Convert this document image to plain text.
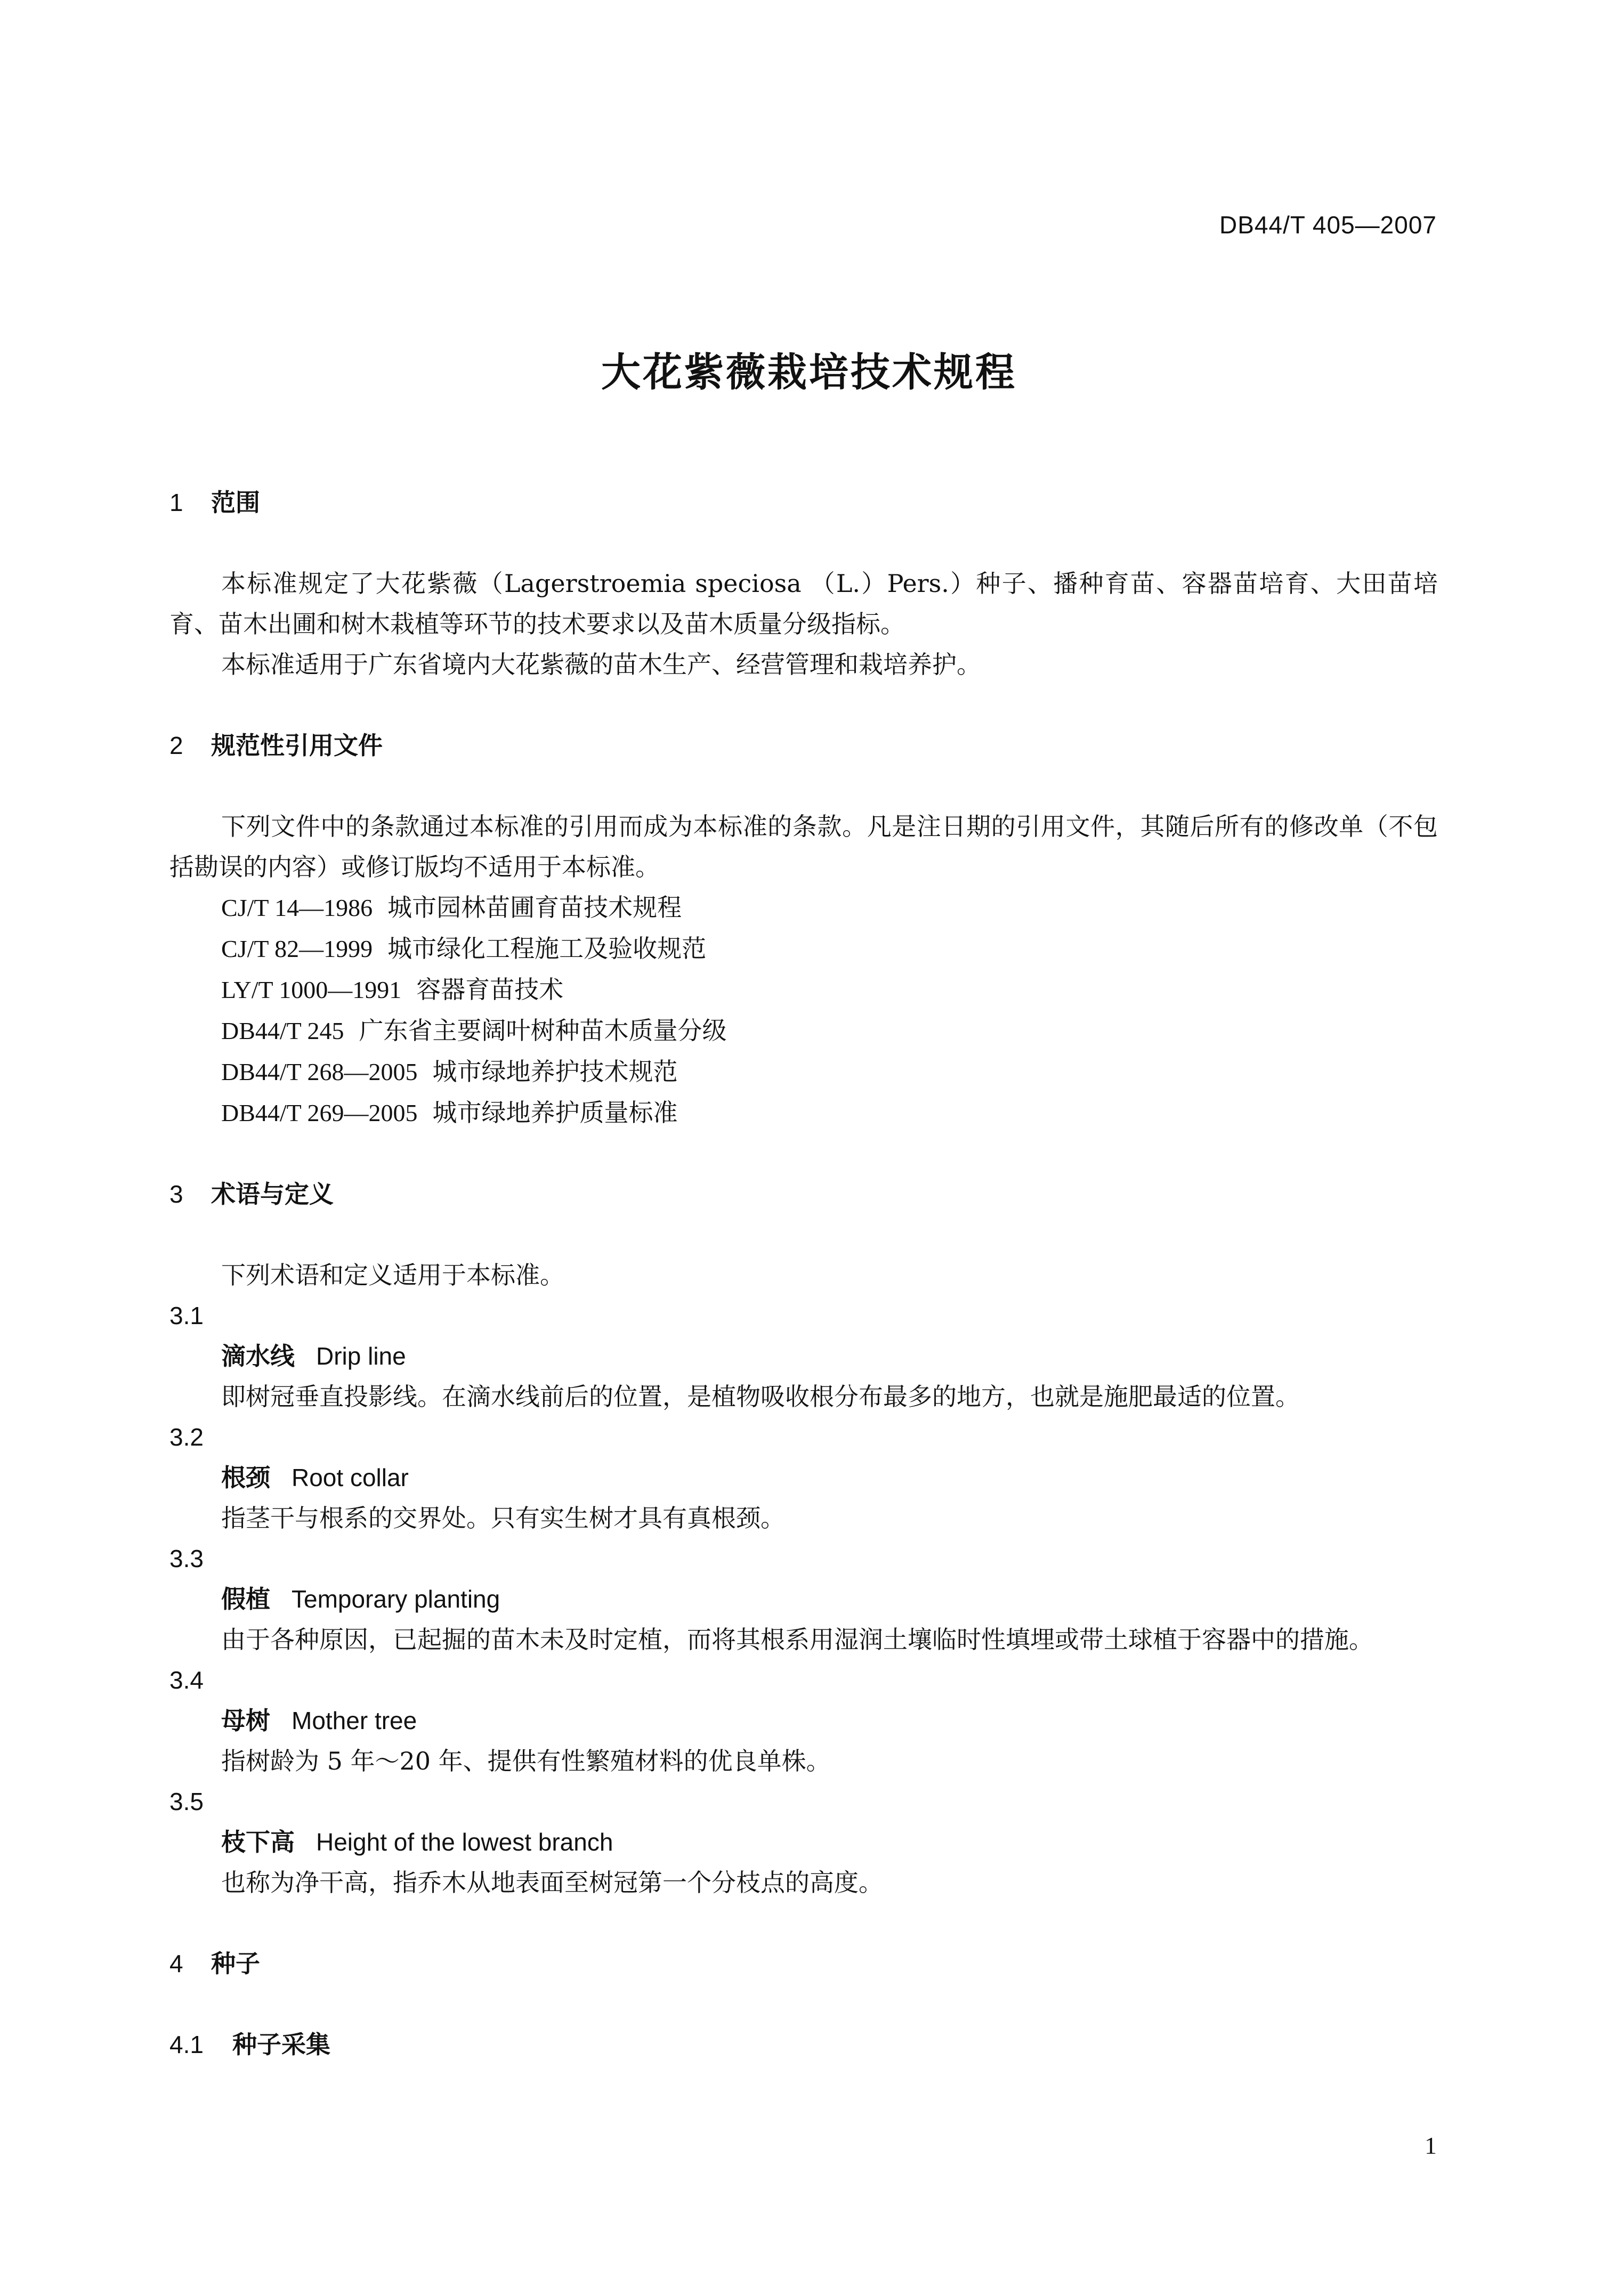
DB44/T 405—2007
大花紫薇栽培技术规程
1 范围
本标准规定了大花紫薇（Lagerstroemia speciosa （L.）Pers.）种子、播种育苗、容器苗培育、大田苗培育、苗木出圃和树木栽植等环节的技术要求以及苗木质量分级指标。
本标准适用于广东省境内大花紫薇的苗木生产、经营管理和栽培养护。
2 规范性引用文件
下列文件中的条款通过本标准的引用而成为本标准的条款。凡是注日期的引用文件，其随后所有的修改单（不包括勘误的内容）或修订版均不适用于本标准。
CJ/T 14—1986 城市园林苗圃育苗技术规程
CJ/T 82—1999 城市绿化工程施工及验收规范
LY/T 1000—1991 容器育苗技术
DB44/T 245 广东省主要阔叶树种苗木质量分级
DB44/T 268—2005 城市绿地养护技术规范
DB44/T 269—2005 城市绿地养护质量标准
3 术语与定义
下列术语和定义适用于本标准。
3.1
滴水线 Drip line
即树冠垂直投影线。在滴水线前后的位置，是植物吸收根分布最多的地方，也就是施肥最适的位置。
3.2
根颈 Root collar
指茎干与根系的交界处。只有实生树才具有真根颈。
3.3
假植 Temporary planting
由于各种原因，已起掘的苗木未及时定植，而将其根系用湿润土壤临时性填埋或带土球植于容器中的措施。
3.4
母树 Mother tree
指树龄为 5 年～20 年、提供有性繁殖材料的优良单株。
3.5
枝下高 Height of the lowest branch
也称为净干高，指乔木从地表面至树冠第一个分枝点的高度。
4 种子
4.1 种子采集
1
